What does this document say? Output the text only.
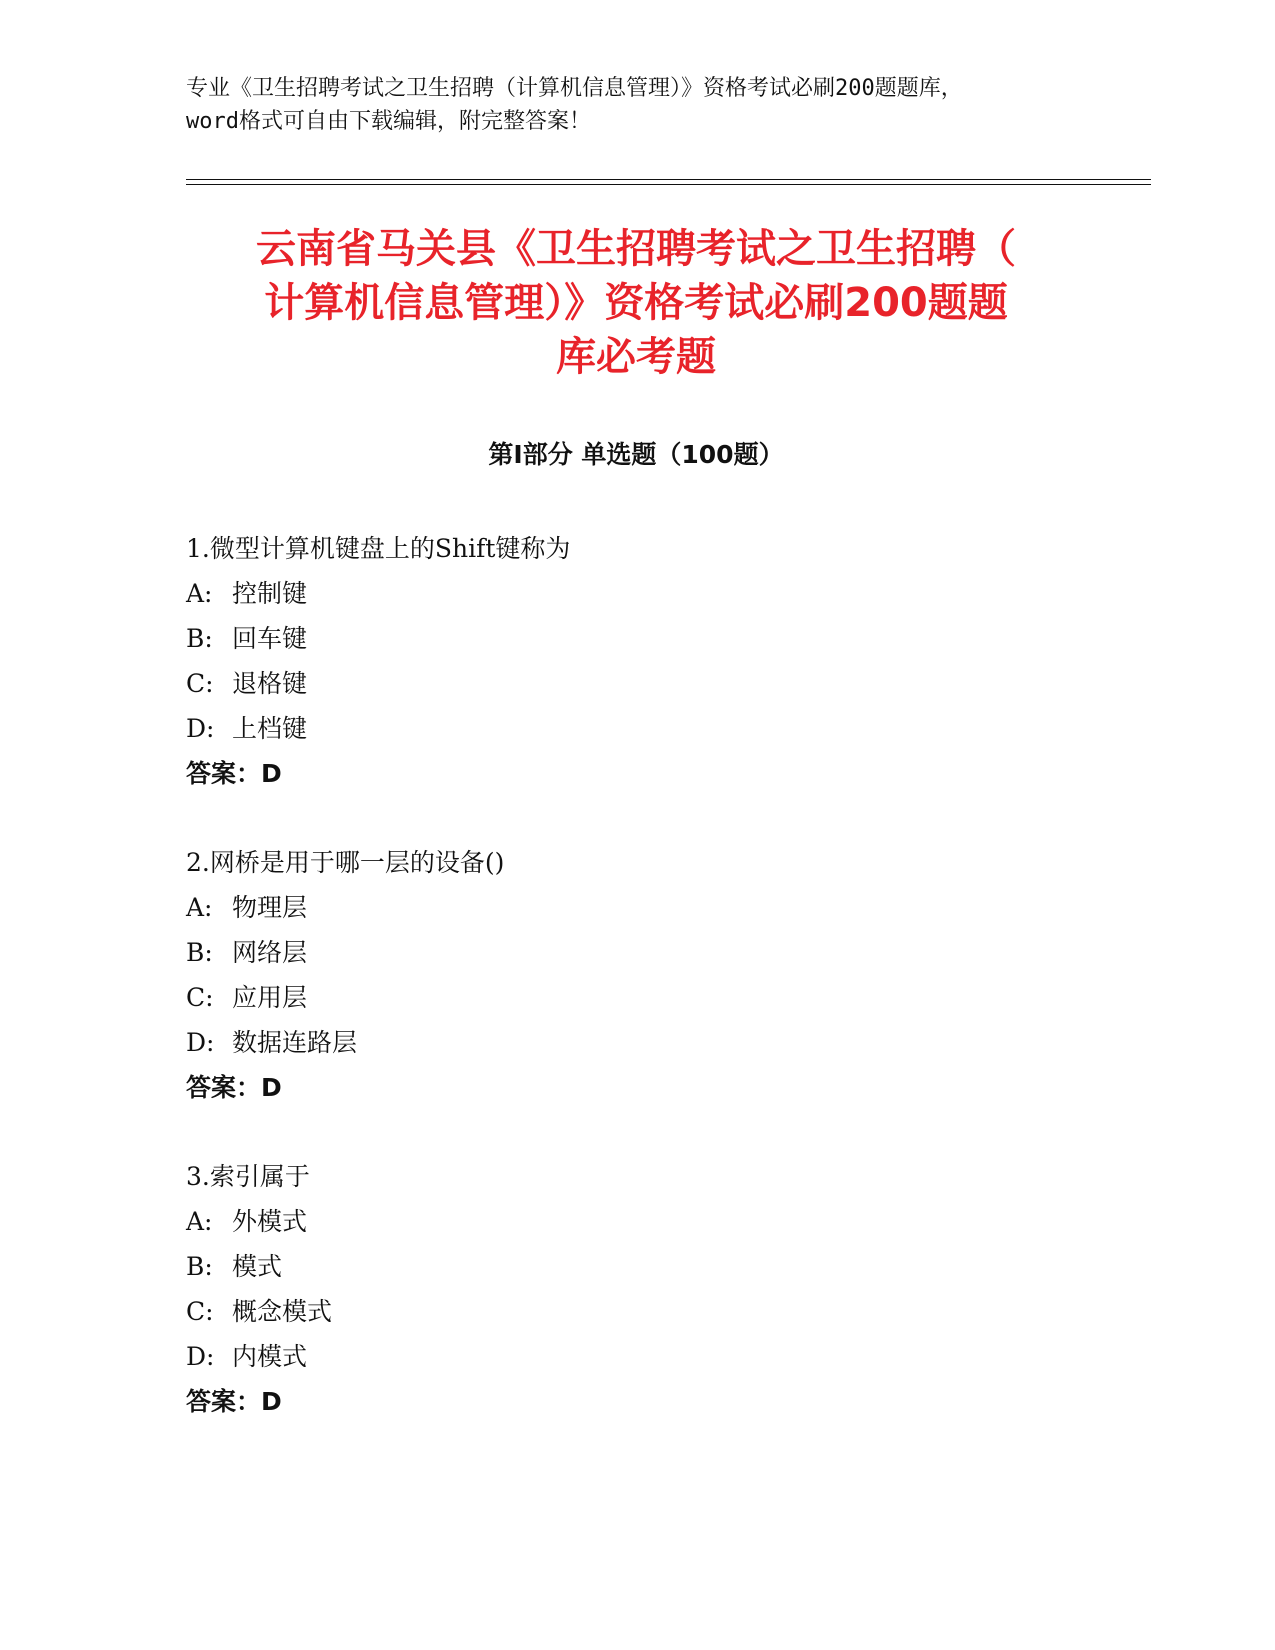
专业《卫生招聘考试之卫生招聘（计算机信息管理）》资格考试必刷200题题库，
word格式可自由下载编辑，附完整答案！
云南省马关县《卫生招聘考试之卫生招聘（
计算机信息管理）》资格考试必刷200题题
库必考题
第I部分 单选题（100题）
1.微型计算机键盘上的Shift键称为
A: 控制键
B: 回车键
C: 退格键
D: 上档键
答案：D
2.网桥是用于哪一层的设备()
A: 物理层
B: 网络层
C: 应用层
D: 数据连路层
答案：D
3.索引属于
A: 外模式
B: 模式
C: 概念模式
D: 内模式
答案：D
